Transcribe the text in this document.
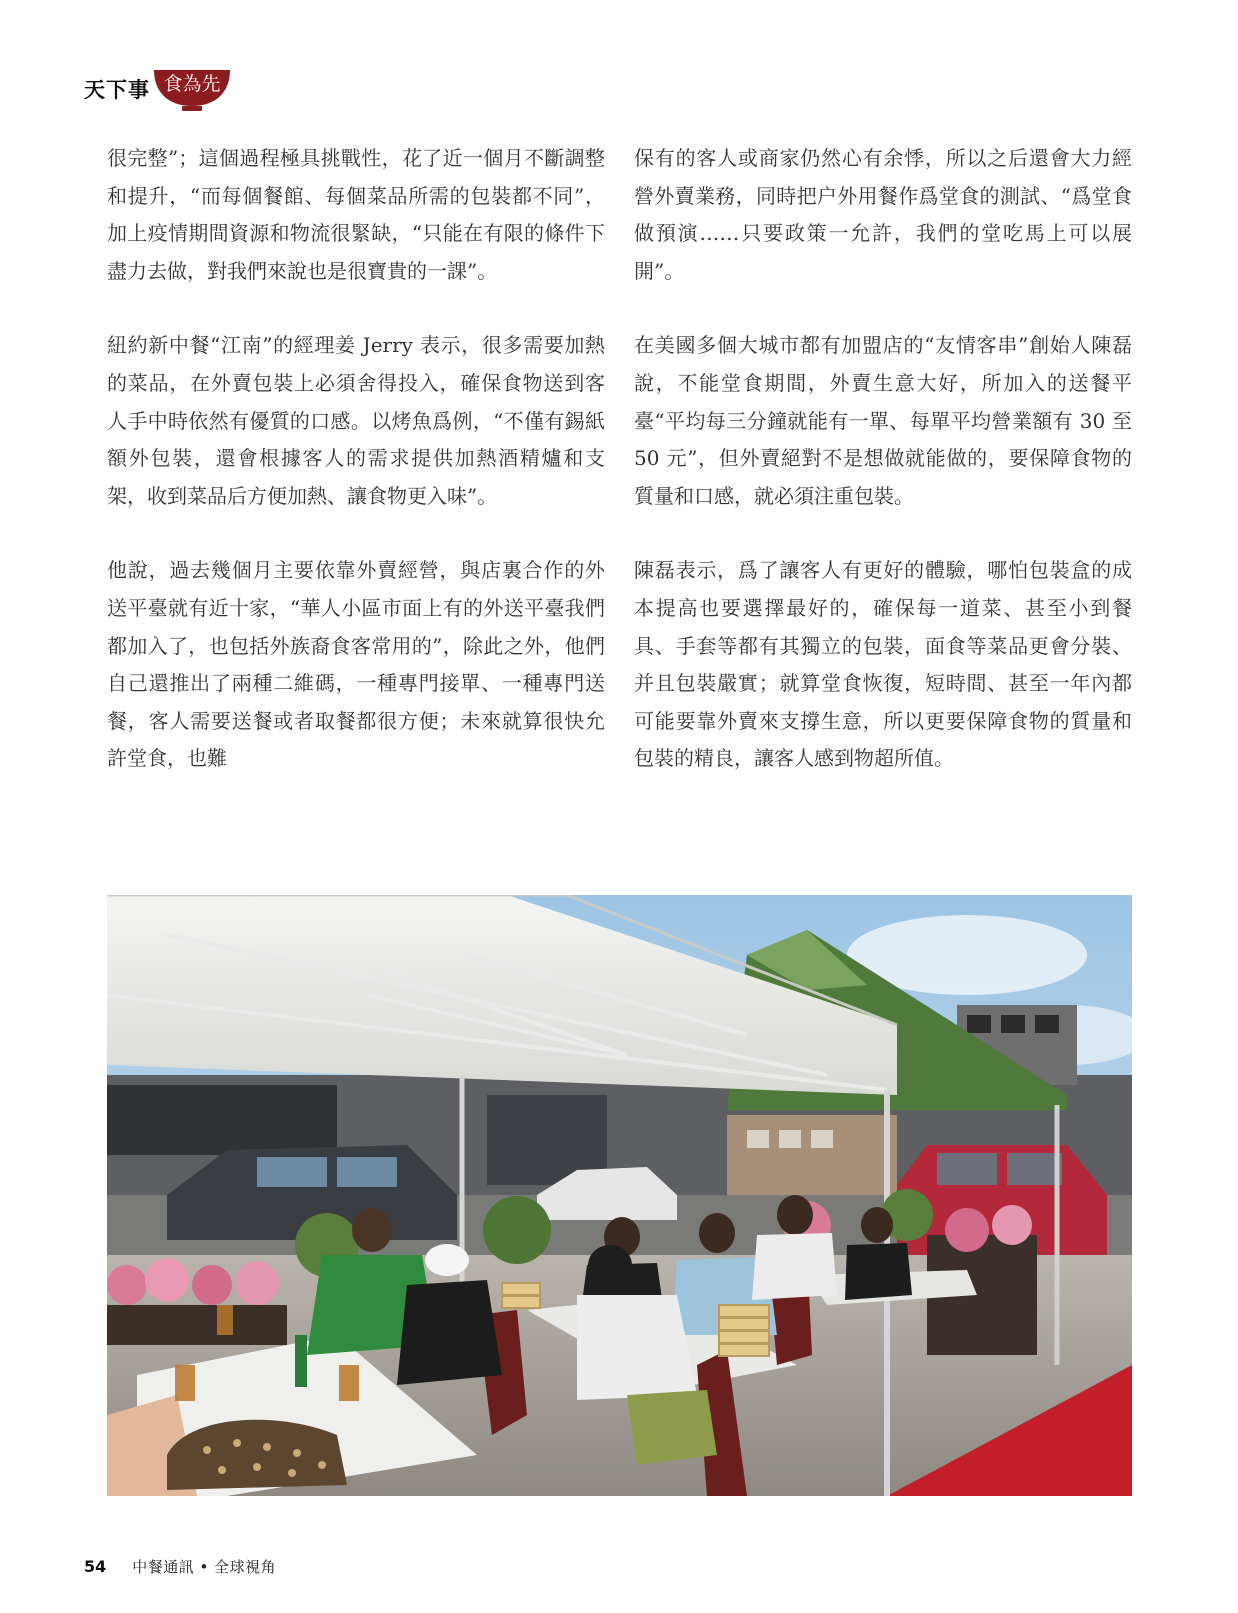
天下事 食為先

很完整”；這個過程極具挑戰性，花了近一個月不斷調整和提升，“而每個餐館、每個菜品所需的包裝都不同”，加上疫情期間資源和物流很緊缺，“只能在有限的條件下盡力去做，對我們來說也是很寶貴的一課”。

紐約新中餐“江南”的經理姜 Jerry 表示，很多需要加熱的菜品，在外賣包裝上必須舍得投入，確保食物送到客人手中時依然有優質的口感。以烤魚爲例，“不僅有錫紙額外包裝，還會根據客人的需求提供加熱酒精爐和支架，收到菜品后方便加熱、讓食物更入味”。

他說，過去幾個月主要依靠外賣經營，與店裏合作的外送平臺就有近十家，“華人小區市面上有的外送平臺我們都加入了，也包括外族裔食客常用的”，除此之外，他們自己還推出了兩種二維碼，一種專門接單、一種專門送餐，客人需要送餐或者取餐都很方便；未來就算很快允許堂食，也難

保有的客人或商家仍然心有余悸，所以之后還會大力經營外賣業務，同時把户外用餐作爲堂食的測試、“爲堂食做預演……只要政策一允許，我們的堂吃馬上可以展開”。

在美國多個大城市都有加盟店的“友情客串”創始人陳磊說，不能堂食期間，外賣生意大好，所加入的送餐平臺“平均每三分鐘就能有一單、每單平均營業額有 30 至 50 元”，但外賣絕對不是想做就能做的，要保障食物的質量和口感，就必須注重包裝。

陳磊表示，爲了讓客人有更好的體驗，哪怕包裝盒的成本提高也要選擇最好的，確保每一道菜、甚至小到餐具、手套等都有其獨立的包裝，面食等菜品更會分裝、并且包裝嚴實；就算堂食恢復，短時間、甚至一年內都可能要靠外賣來支撐生意，所以更要保障食物的質量和包裝的精良，讓客人感到物超所值。

54 中餐通訊 • 全球視角
